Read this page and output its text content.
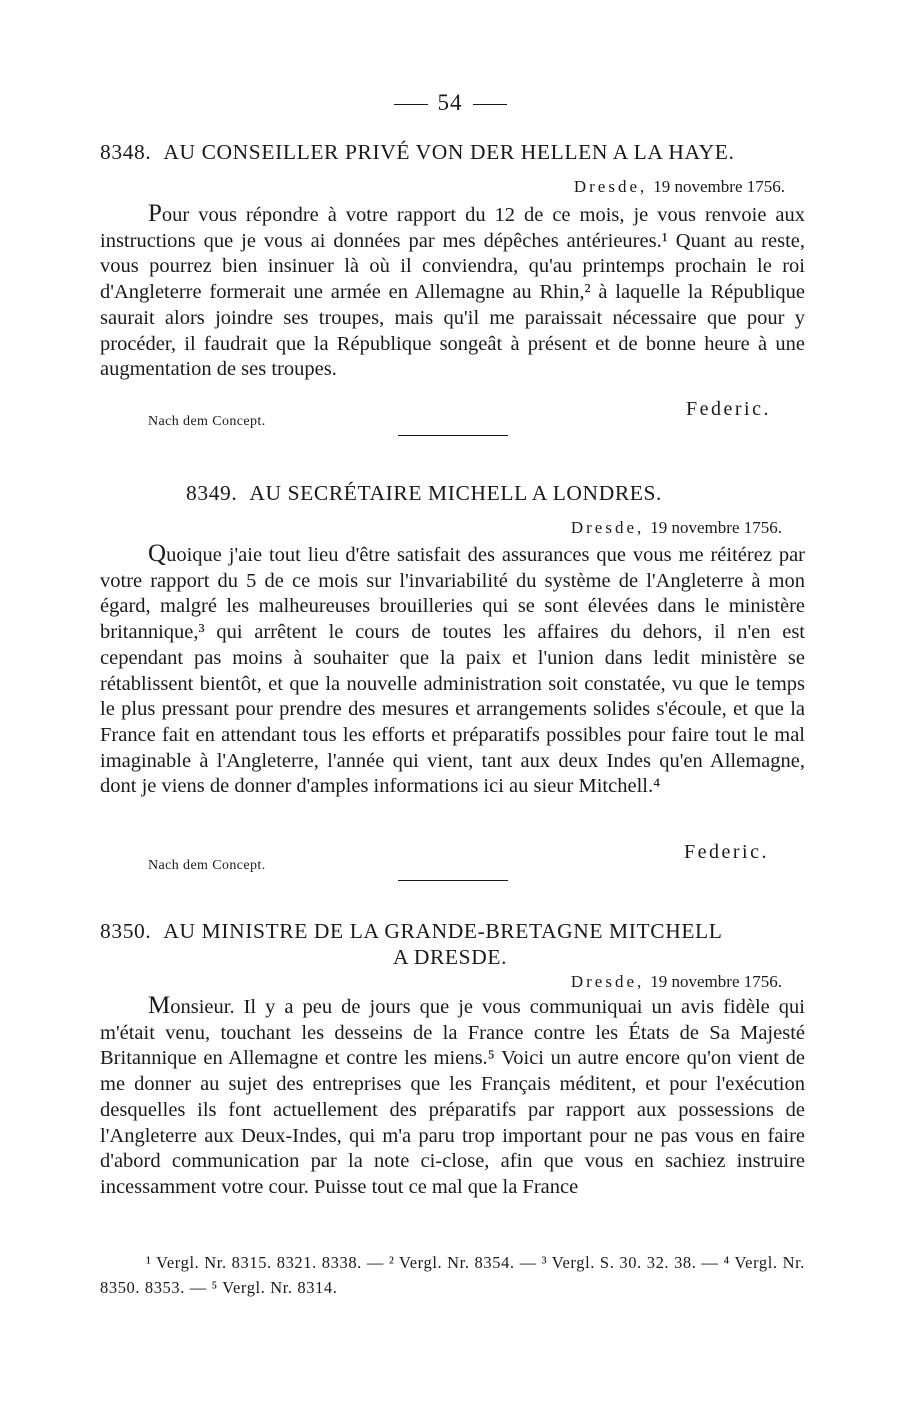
54
8348. AU CONSEILLER PRIVÉ VON DER HELLEN A LA HAYE.
Dresde, 19 novembre 1756.

Pour vous répondre à votre rapport du 12 de ce mois, je vous renvoie aux instructions que je vous ai données par mes dépêches antérieures.¹ Quant au reste, vous pourrez bien insinuer là où il conviendra, qu'au printemps prochain le roi d'Angleterre formerait une armée en Allemagne au Rhin,² à laquelle la République saurait alors joindre ses troupes, mais qu'il me paraissait nécessaire que pour y procéder, il faudrait que la République songeât à présent et de bonne heure à une augmentation de ses troupes.

Federic.
Nach dem Concept.
8349. AU SECRÉTAIRE MICHELL A LONDRES.
Dresde, 19 novembre 1756.

Quoique j'aie tout lieu d'être satisfait des assurances que vous me réitérez par votre rapport du 5 de ce mois sur l'invariabilité du système de l'Angleterre à mon égard, malgré les malheureuses brouilleries qui se sont élevées dans le ministère britannique,³ qui arrêtent le cours de toutes les affaires du dehors, il n'en est cependant pas moins à souhaiter que la paix et l'union dans ledit ministère se rétablissent bientôt, et que la nouvelle administration soit constatée, vu que le temps le plus pressant pour prendre des mesures et arrangements solides s'écoule, et que la France fait en attendant tous les efforts et préparatifs possibles pour faire tout le mal imaginable à l'Angleterre, l'année qui vient, tant aux deux Indes qu'en Allemagne, dont je viens de donner d'amples informations ici au sieur Mitchell.⁴

Federic.
Nach dem Concept.
8350. AU MINISTRE DE LA GRANDE-BRETAGNE MITCHELL
A DRESDE.
Dresde, 19 novembre 1756.

Monsieur. Il y a peu de jours que je vous communiquai un avis fidèle qui m'était venu, touchant les desseins de la France contre les États de Sa Majesté Britannique en Allemagne et contre les miens.⁵ Voici un autre encore qu'on vient de me donner au sujet des entreprises que les Français méditent, et pour l'exécution desquelles ils font actuellement des préparatifs par rapport aux possessions de l'Angleterre aux Deux-Indes, qui m'a paru trop important pour ne pas vous en faire d'abord communication par la note ci-close, afin que vous en sachiez instruire incessamment votre cour. Puisse tout ce mal que la France

¹ Vergl. Nr. 8315. 8321. 8338. — ² Vergl. Nr. 8354. — ³ Vergl. S. 30. 32. 38. — ⁴ Vergl. Nr. 8350. 8353. — ⁵ Vergl. Nr. 8314.
